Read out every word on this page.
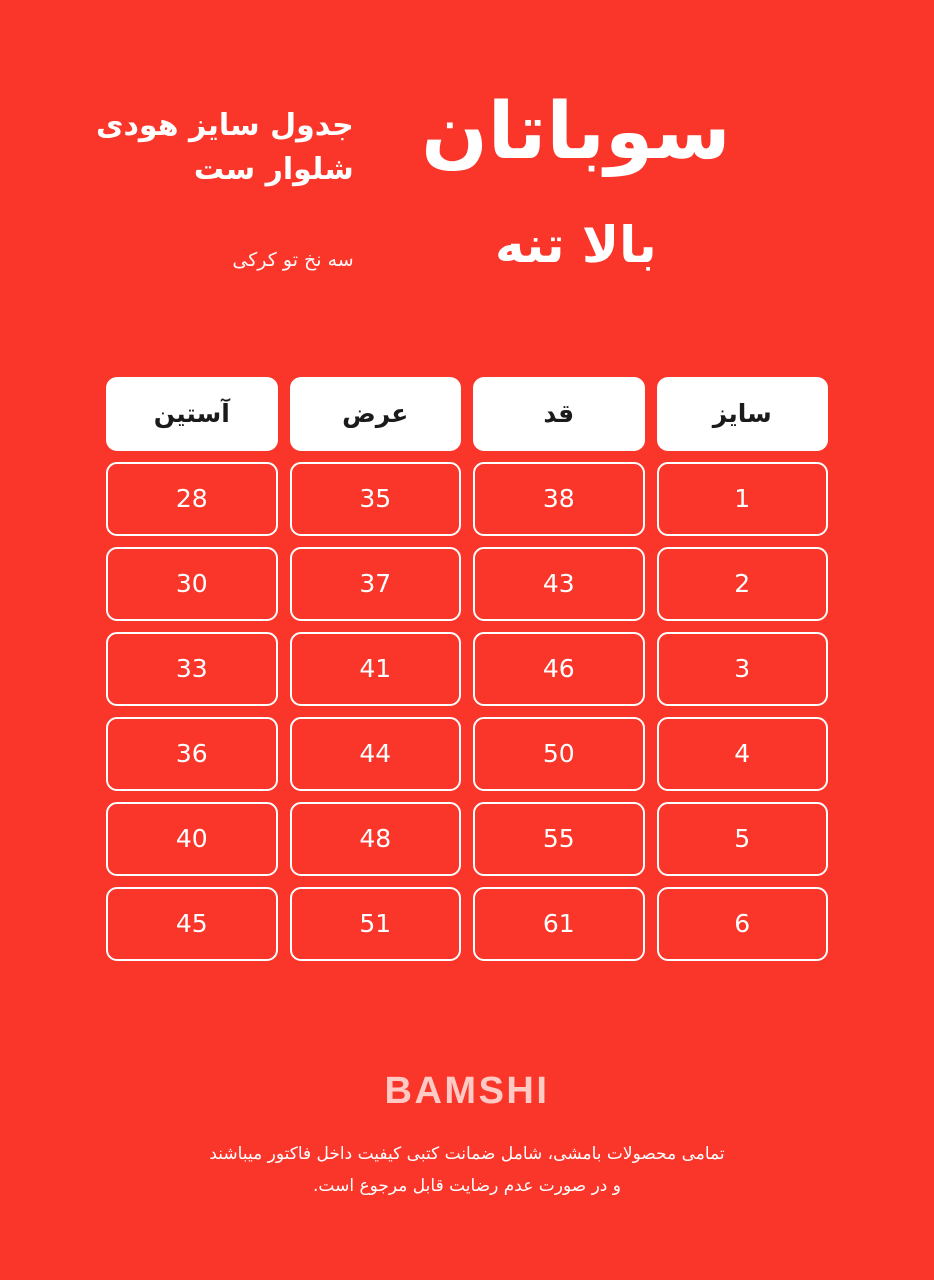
سوباتان
بالا تنه
جدول سایز هودی
شلوار ست
سه نخ تو کرکی
سایز	قد	عرض	آستین
1	38	35	28
2	43	37	30
3	46	41	33
4	50	44	36
5	55	48	40
6	61	51	45
BAMSHI
تمامی محصولات بامشی، شامل ضمانت کتبی کیفیت داخل فاکتور میباشند
و در صورت عدم رضایت قابل مرجوع است.
